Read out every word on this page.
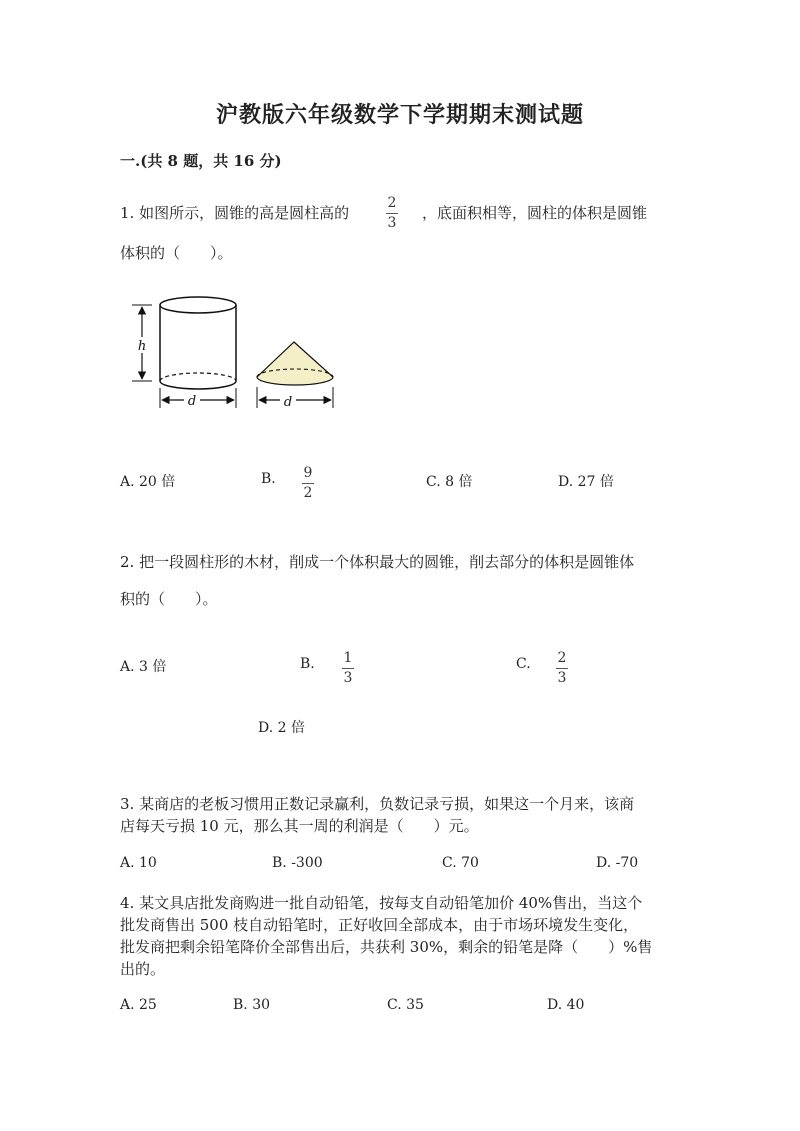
沪教版六年级数学下学期期末测试题
一.(共 8 题，共 16 分)
1. 如图所示，圆锥的高是圆柱高的
2
3
，底面积相等，圆柱的体积是圆锥
体积的（　　）。
h
d	d
A. 20 倍	B. 9
2
C. 8 倍	D. 27 倍
2. 把一段圆柱形的木材，削成一个体积最大的圆锥，削去部分的体积是圆锥体
积的（　　）。
A. 3 倍	B. 1
3
C. 2
3
D. 2 倍
3. 某商店的老板习惯用正数记录赢利，负数记录亏损，如果这一个月来，该商
店每天亏损 10 元，那么其一周的利润是（　　）元。
A. 10	B. -300	C. 70	D. -70
4. 某文具店批发商购进一批自动铅笔，按每支自动铅笔加价 40%售出，当这个
批发商售出 500 枝自动铅笔时，正好收回全部成本，由于市场环境发生变化，
批发商把剩余铅笔降价全部售出后，共获利 30%，剩余的铅笔是降（　　）%售
出的。
A. 25	B. 30	C. 35	D. 40
